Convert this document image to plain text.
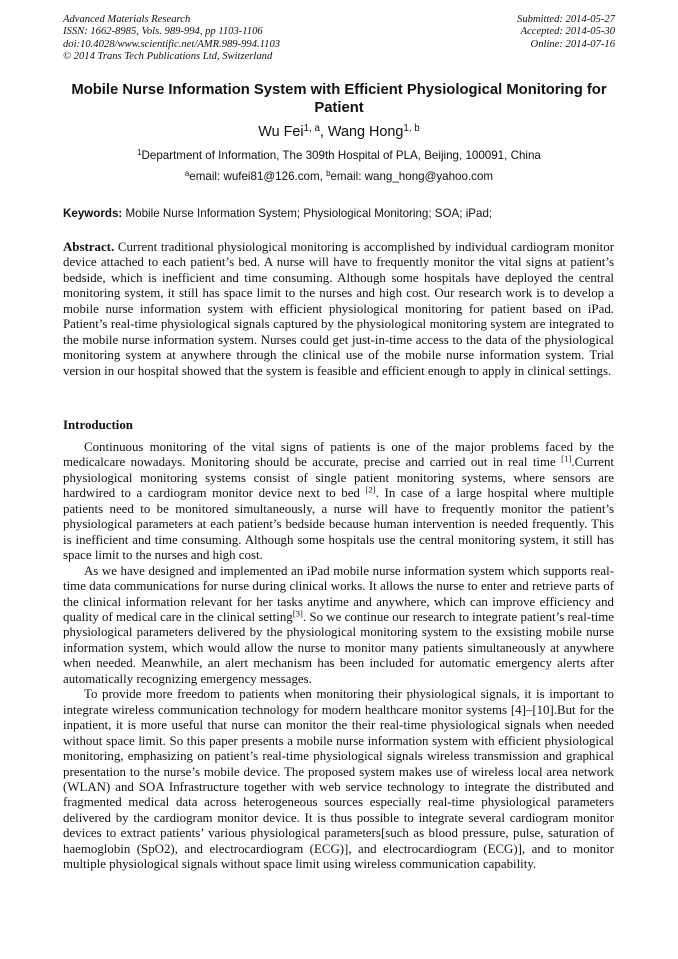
Advanced Materials Research
ISSN: 1662-8985, Vols. 989-994, pp 1103-1106
doi:10.4028/www.scientific.net/AMR.989-994.1103
© 2014 Trans Tech Publications Ltd, Switzerland
Submitted: 2014-05-27
Accepted: 2014-05-30
Online: 2014-07-16
Mobile Nurse Information System with Efficient Physiological Monitoring for Patient
Wu Fei$^{1, a}$, Wang Hong$^{1, b}$
$^1$Department of Information, The 309th Hospital of PLA, Beijing, 100091, China
$^a$email: wufei81@126.com, $^b$email: wang_hong@yahoo.com
Keywords: Mobile Nurse Information System; Physiological Monitoring; SOA; iPad;
Abstract. Current traditional physiological monitoring is accomplished by individual cardiogram monitor device attached to each patient’s bed. A nurse will have to frequently monitor the vital signs at patient’s bedside, which is inefficient and time consuming. Although some hospitals have deployed the central monitoring system, it still has space limit to the nurses and high cost. Our research work is to develop a mobile nurse information system with efficient physiological monitoring for patient based on iPad. Patient’s real-time physiological signals captured by the physiological monitoring system are integrated to the mobile nurse information system. Nurses could get just-in-time access to the data of the physiological monitoring system at anywhere through the clinical use of the mobile nurse information system. Trial version in our hospital showed that the system is feasible and efficient enough to apply in clinical settings.
Introduction

Continuous monitoring of the vital signs of patients is one of the major problems faced by the medicalcare nowadays. Monitoring should be accurate, precise and carried out in real time [1].Current physiological monitoring systems consist of single patient monitoring systems, where sensors are hardwired to a cardiogram monitor device next to bed [2]. In case of a large hospital where multiple patients need to be monitored simultaneously, a nurse will have to frequently monitor the patient’s physiological parameters at each patient’s bedside because human intervention is needed frequently. This is inefficient and time consuming. Although some hospitals use the central monitoring system, it still has space limit to the nurses and high cost.

As we have designed and implemented an iPad mobile nurse information system which supports real-time data communications for nurse during clinical works. It allows the nurse to enter and retrieve parts of the clinical information relevant for her tasks anytime and anywhere, which can improve efficiency and quality of medical care in the clinical setting[3]. So we continue our research to integrate patient’s real-time physiological parameters delivered by the physiological monitoring system to the exsisting mobile nurse information system, which would allow the nurse to monitor many patients simultaneously at anywhere when needed. Meanwhile, an alert mechanism has been included for automatic emergency alerts after automatically recognizing emergency messages.

To provide more freedom to patients when monitoring their physiological signals, it is important to integrate wireless communication technology for modern healthcare monitor systems [4]–[10].But for the inpatient, it is more useful that nurse can monitor the their real-time physiological signals when needed without space limit. So this paper presents a mobile nurse information system with efficient physiological monitoring, emphasizing on patient’s real-time physiological signals wireless transmission and graphical presentation to the nurse’s mobile device. The proposed system makes use of wireless local area network (WLAN) and SOA Infrastructure together with web service technology to integrate the distributed and fragmented medical data across heterogeneous sources especially real-time physiological parameters delivered by the cardiogram monitor device. It is thus possible to integrate several cardiogram monitor devices to extract patients’ various physiological parameters[such as blood pressure, pulse, saturation of haemoglobin (SpO2), and electrocardiogram (ECG)], and electrocardiogram (ECG)], and to monitor multiple physiological signals without space limit using wireless communication capability.
